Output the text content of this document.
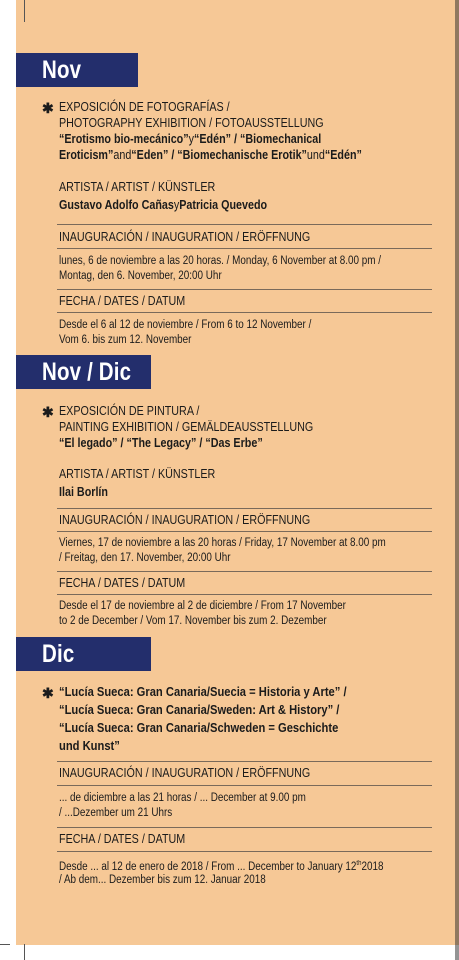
Nov
✱ EXPOSICIÓN DE FOTOGRAFÍAS /
PHOTOGRAPHY EXHIBITION / FOTOAUSSTELLUNG
“Erotismo bio-mecánico”y“Edén” / “Biomechanical
Eroticism”and“Eden” / “Biomechanische Erotik”und“Edén”
ARTISTA / ARTIST / KÜNSTLER
Gustavo Adolfo CañasyPatricia Quevedo
INAUGURACIÓN / INAUGURATION / ERÖFFNUNG
lunes, 6 de noviembre a las 20 horas. / Monday, 6 November at 8.00 pm /
Montag, den 6. November, 20:00 Uhr
FECHA / DATES / DATUM
Desde el 6 al 12 de noviembre / From 6 to 12 November /
Vom 6. bis zum 12. November
Nov / Dic
✱ EXPOSICIÓN DE PINTURA /
PAINTING EXHIBITION / GEMÄLDEAUSSTELLUNG
“El legado” / “The Legacy” / “Das Erbe”
ARTISTA / ARTIST / KÜNSTLER
Ilai Borlín
INAUGURACIÓN / INAUGURATION / ERÖFFNUNG
Viernes, 17 de noviembre a las 20 horas / Friday, 17 November at 8.00 pm
/ Freitag, den 17. November, 20:00 Uhr
FECHA / DATES / DATUM
Desde el 17 de noviembre al 2 de diciembre / From 17 November
to 2 de December / Vom 17. November bis zum 2. Dezember
Dic
✱ “Lucía Sueca: Gran Canaria/Suecia = Historia y Arte” /
“Lucía Sueca: Gran Canaria/Sweden: Art & History” /
“Lucía Sueca: Gran Canaria/Schweden = Geschichte
und Kunst”
INAUGURACIÓN / INAUGURATION / ERÖFFNUNG
... de diciembre a las 21 horas / ... December at 9.00 pm
/ ...Dezember um 21 Uhrs
FECHA / DATES / DATUM
Desde ... al 12 de enero de 2018 / From ... December to January 12th2018
/ Ab dem... Dezember bis zum 12. Januar 2018
